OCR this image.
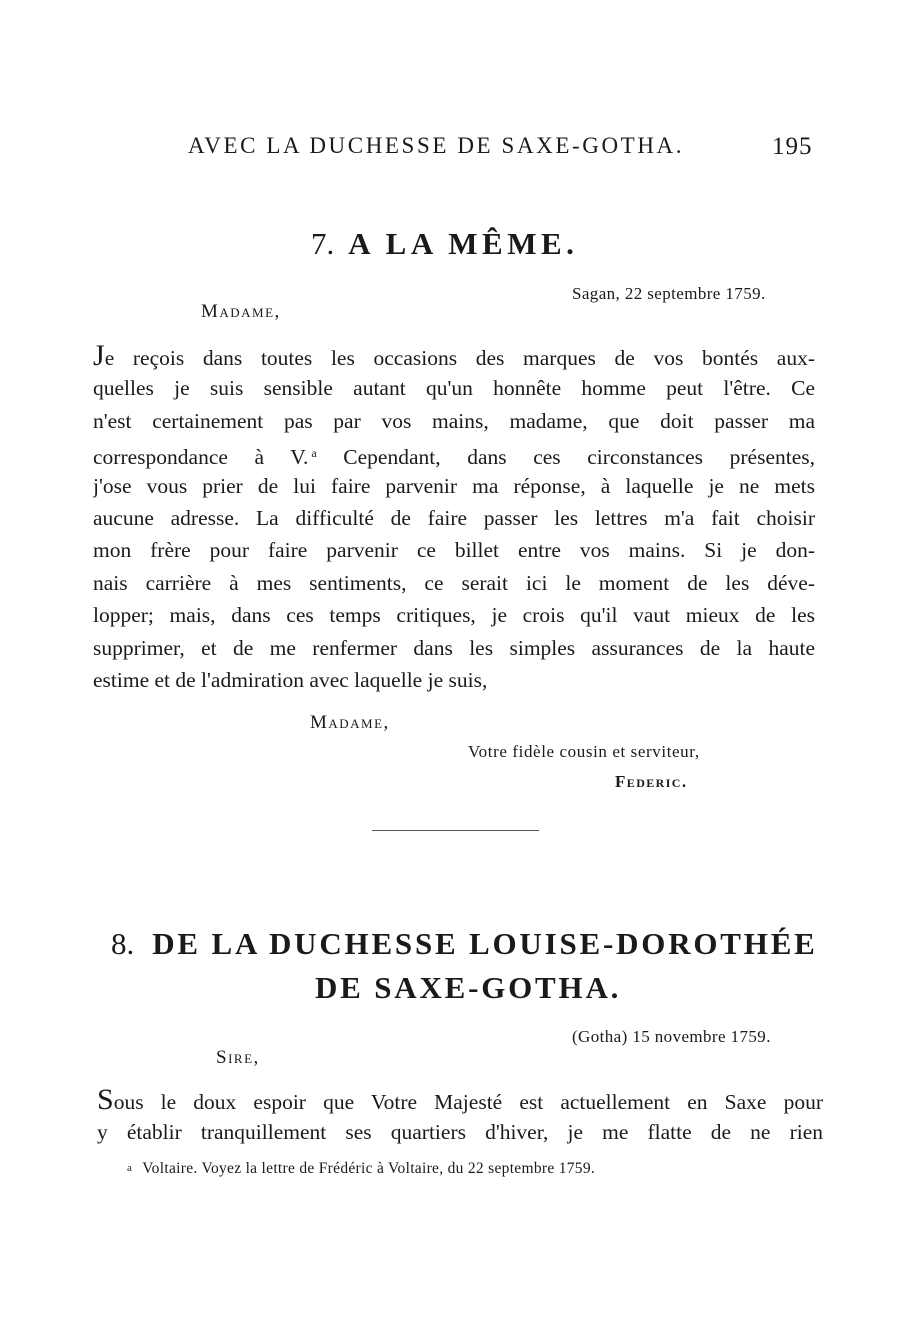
AVEC LA DUCHESSE DE SAXE-GOTHA.	195
7. A LA MÊME.
Sagan, 22 septembre 1759.
Madame,
Je reçois dans toutes les occasions des marques de vos bontés aux-
quelles je suis sensible autant qu'un honnête homme peut l'être. Ce
n'est certainement pas par vos mains, madame, que doit passer ma
correspondance à V. $^a$ Cependant, dans ces circonstances présentes,
j'ose vous prier de lui faire parvenir ma réponse, à laquelle je ne mets
aucune adresse. La difficulté de faire passer les lettres m'a fait choisir
mon frère pour faire parvenir ce billet entre vos mains. Si je don-
nais carrière à mes sentiments, ce serait ici le moment de les déve-
lopper; mais, dans ces temps critiques, je crois qu'il vaut mieux de les
supprimer, et de me renfermer dans les simples assurances de la haute
estime et de l'admiration avec laquelle je suis,
Madame,
Votre fidèle cousin et serviteur,
Federic.
8. DE LA DUCHESSE LOUISE-DOROTHÉE
DE SAXE-GOTHA.
(Gotha) 15 novembre 1759.
Sire,
Sous le doux espoir que Votre Majesté est actuellement en Saxe pour
y établir tranquillement ses quartiers d'hiver, je me flatte de ne rien
a Voltaire. Voyez la lettre de Frédéric à Voltaire, du 22 septembre 1759.
